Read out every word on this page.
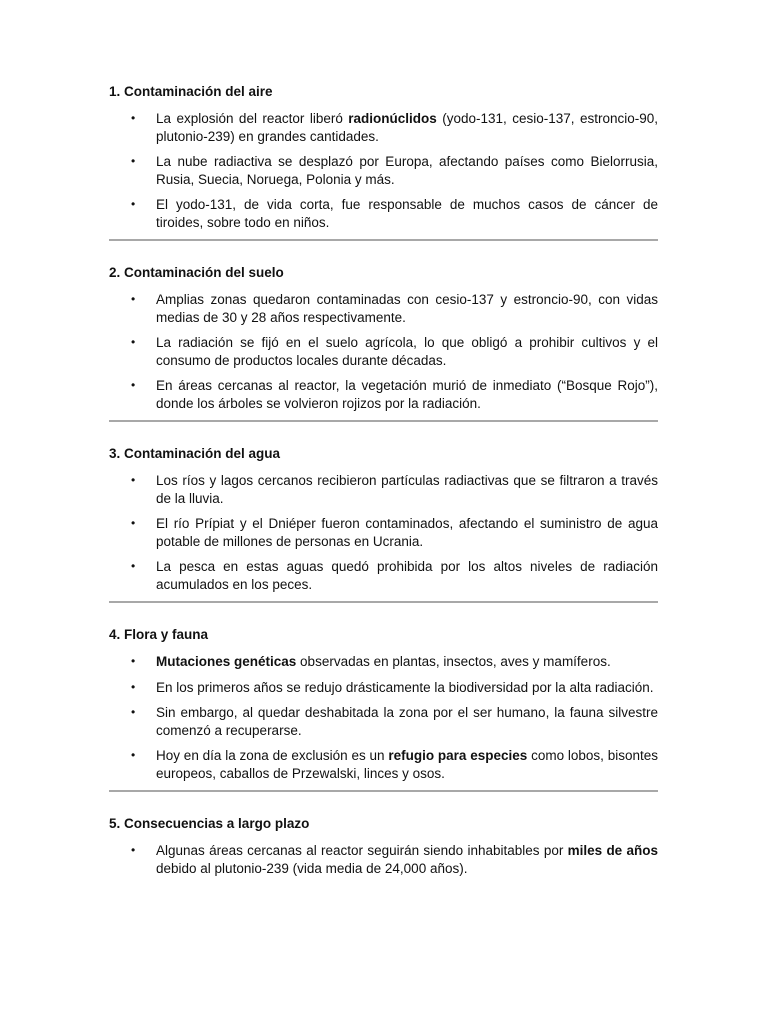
1. Contaminación del aire
• La explosión del reactor liberó radionúclidos (yodo-131, cesio-137, estroncio-90, plutonio-239) en grandes cantidades.
• La nube radiactiva se desplazó por Europa, afectando países como Bielorrusia, Rusia, Suecia, Noruega, Polonia y más.
• El yodo-131, de vida corta, fue responsable de muchos casos de cáncer de tiroides, sobre todo en niños.
2. Contaminación del suelo
• Amplias zonas quedaron contaminadas con cesio-137 y estroncio-90, con vidas medias de 30 y 28 años respectivamente.
• La radiación se fijó en el suelo agrícola, lo que obligó a prohibir cultivos y el consumo de productos locales durante décadas.
• En áreas cercanas al reactor, la vegetación murió de inmediato (“Bosque Rojo”), donde los árboles se volvieron rojizos por la radiación.
3. Contaminación del agua
• Los ríos y lagos cercanos recibieron partículas radiactivas que se filtraron a través de la lluvia.
• El río Prípiat y el Dniéper fueron contaminados, afectando el suministro de agua potable de millones de personas en Ucrania.
• La pesca en estas aguas quedó prohibida por los altos niveles de radiación acumulados en los peces.
4. Flora y fauna
• Mutaciones genéticas observadas en plantas, insectos, aves y mamíferos.
• En los primeros años se redujo drásticamente la biodiversidad por la alta radiación.
• Sin embargo, al quedar deshabitada la zona por el ser humano, la fauna silvestre comenzó a recuperarse.
• Hoy en día la zona de exclusión es un refugio para especies como lobos, bisontes europeos, caballos de Przewalski, linces y osos.
5. Consecuencias a largo plazo
• Algunas áreas cercanas al reactor seguirán siendo inhabitables por miles de años debido al plutonio-239 (vida media de 24,000 años).
